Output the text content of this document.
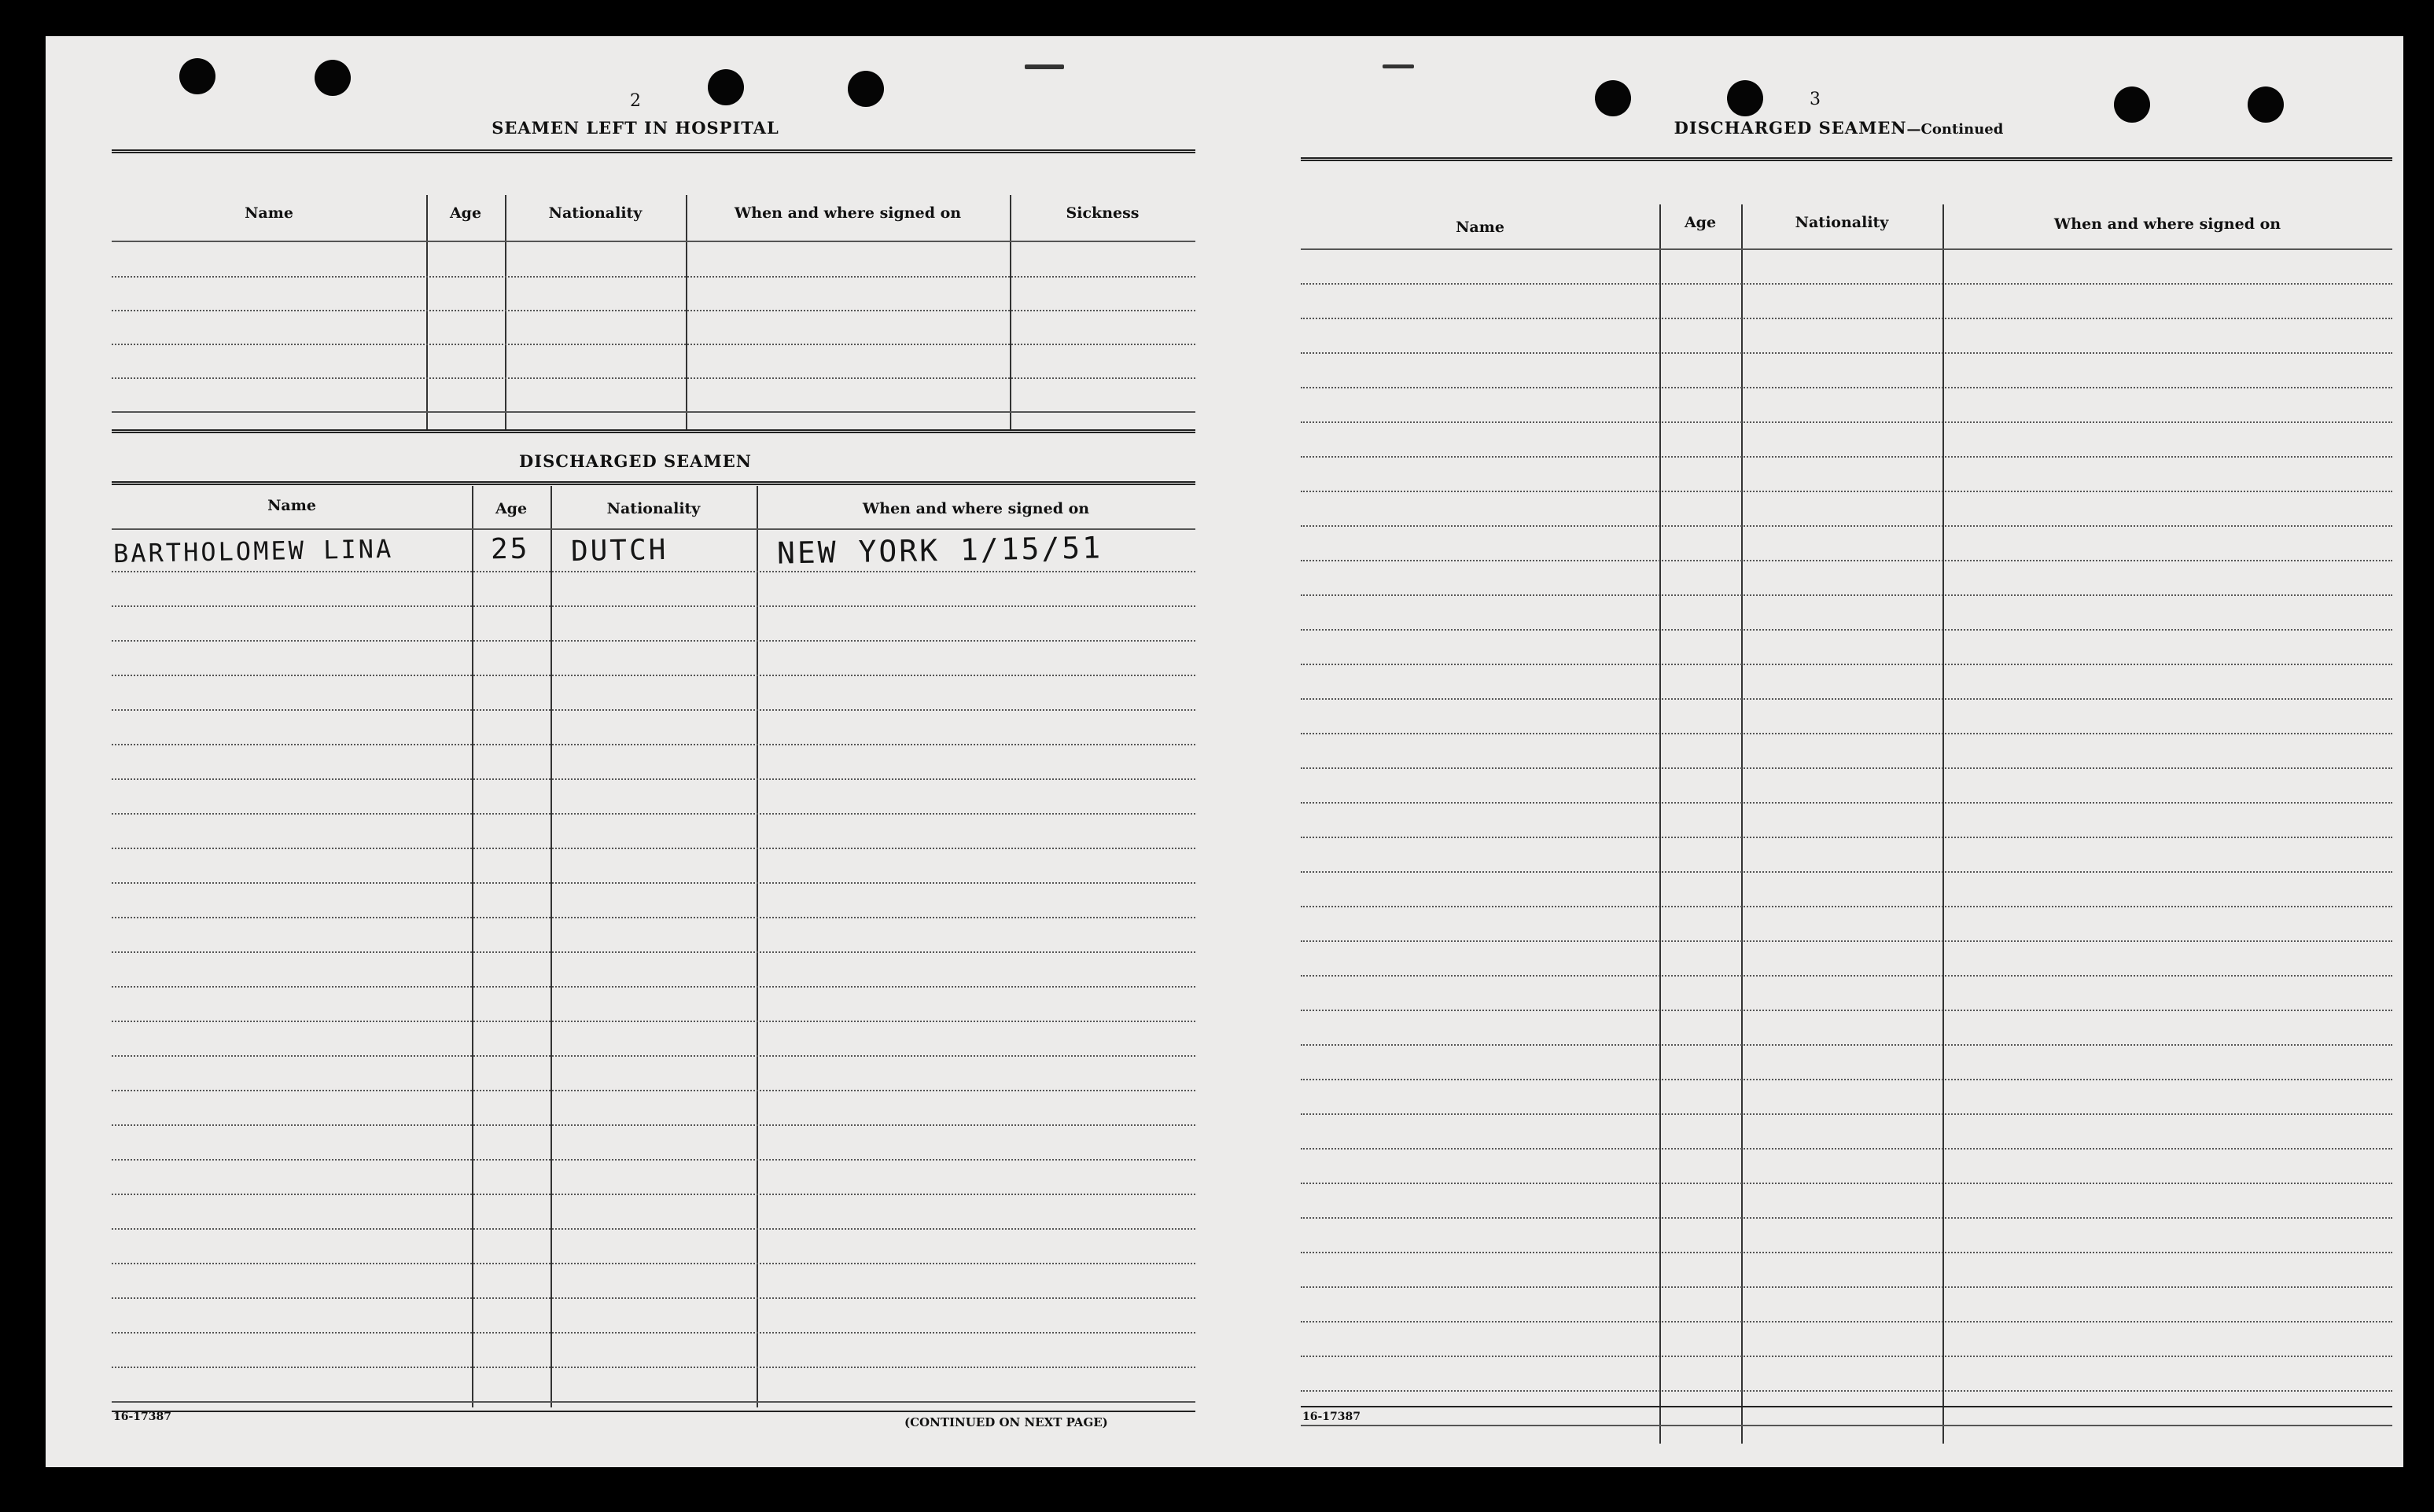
2
SEAMEN LEFT IN HOSPITAL
Name	Age	Nationality	When and where signed on	Sickness
DISCHARGED SEAMEN
Name	Age	Nationality	When and where signed on
BARTHOLOMEW LINA	25 DUTCH	NEW YORK 1/15/51
16-17387	(CONTINUED ON NEXT PAGE)
3
DISCHARGED SEAMEN—Continued
Name	Age	Nationality	When and where signed on
16-17387
